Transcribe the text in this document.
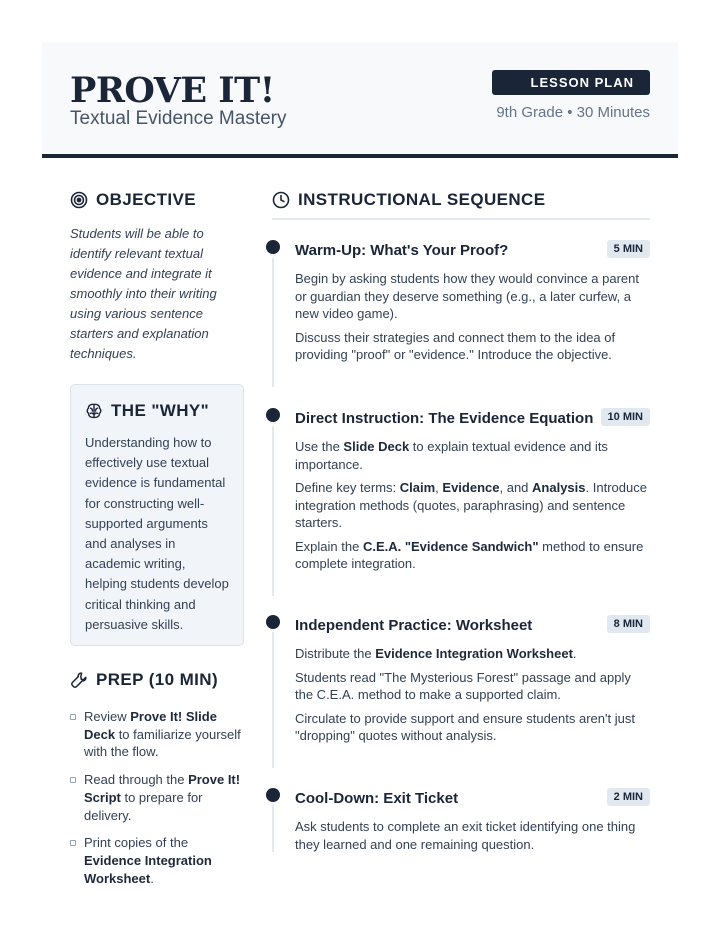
PROVE IT!
Textual Evidence Mastery
LESSON PLAN
9th Grade • 30 Minutes
OBJECTIVE
Students will be able to identify relevant textual evidence and integrate it smoothly into their writing using various sentence starters and explanation techniques.
THE "WHY"
Understanding how to effectively use textual evidence is fundamental for constructing well-supported arguments and analyses in academic writing, helping students develop critical thinking and persuasive skills.
PREP (10 MIN)
Review Prove It! Slide Deck to familiarize yourself with the flow.
Read through the Prove It! Script to prepare for delivery.
Print copies of the Evidence Integration Worksheet.
INSTRUCTIONAL SEQUENCE
Warm-Up: What's Your Proof?	5 MIN

Begin by asking students how they would convince a parent or guardian they deserve something (e.g., a later curfew, a new video game).

Discuss their strategies and connect them to the idea of providing "proof" or "evidence." Introduce the objective.

Direct Instruction: The Evidence Equation	10 MIN

Use the Slide Deck to explain textual evidence and its importance.

Define key terms: Claim, Evidence, and Analysis. Introduce integration methods (quotes, paraphrasing) and sentence starters.

Explain the C.E.A. "Evidence Sandwich" method to ensure complete integration.

Independent Practice: Worksheet	8 MIN

Distribute the Evidence Integration Worksheet.

Students read "The Mysterious Forest" passage and apply the C.E.A. method to make a supported claim.

Circulate to provide support and ensure students aren't just "dropping" quotes without analysis.

Cool-Down: Exit Ticket	2 MIN

Ask students to complete an exit ticket identifying one thing they learned and one remaining question.
